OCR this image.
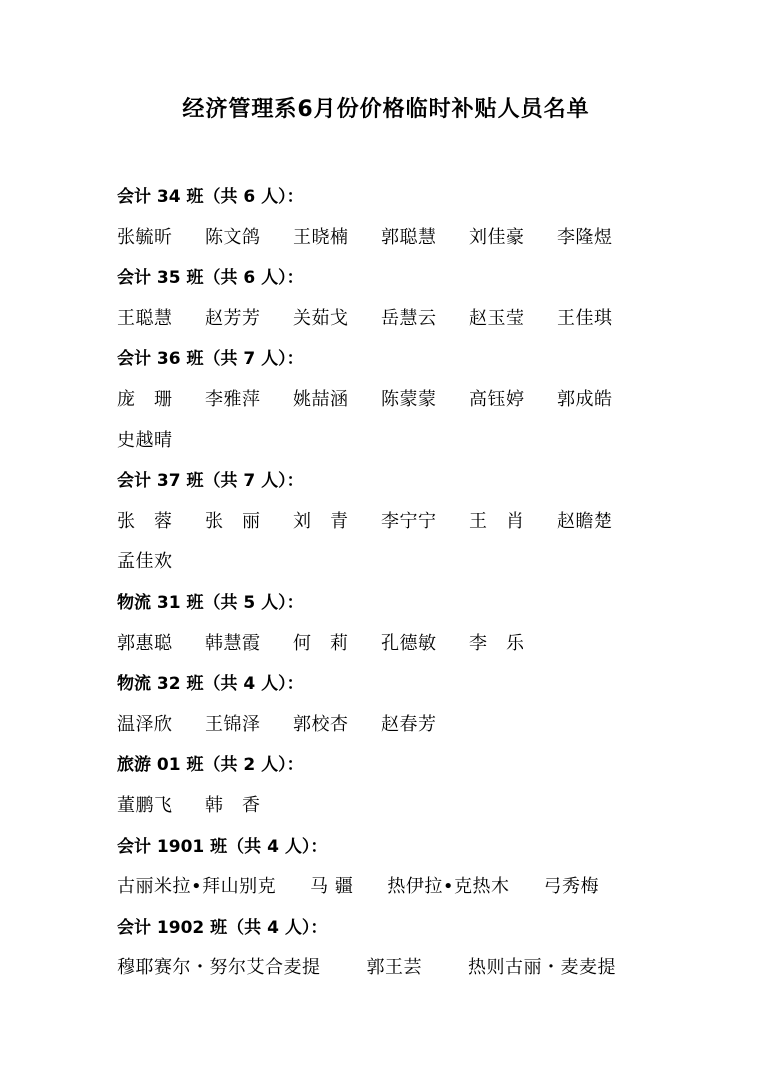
经济管理系6月份价格临时补贴人员名单
会计 34 班（共 6 人）：
张毓昕	陈文鸽	王晓楠	郭聪慧	刘佳豪	李隆煜
会计 35 班（共 6 人）：
王聪慧	赵芳芳	关茹戈	岳慧云	赵玉莹	王佳琪
会计 36 班（共 7 人）：
庞　珊	李雅萍	姚喆涵	陈蒙蒙	高钰婷	郭成皓
史越晴
会计 37 班（共 7 人）：
张　蓉	张　丽	刘　青	李宁宁	王　肖	赵瞻楚
孟佳欢
物流 31 班（共 5 人）：
郭惠聪	韩慧霞	何　莉	孔德敏	李　乐
物流 32 班（共 4 人）：
温泽欣	王锦泽	郭校杏	赵春芳
旅游 01 班（共 2 人）：
董鹏飞	韩　香
会计 1901 班（共 4 人）：
古丽米拉•拜山别克 马 疆 热伊拉•克热木 弓秀梅
会计 1902 班（共 4 人）：
穆耶赛尔・努尔艾合麦提	郭王芸	热则古丽・麦麦提
